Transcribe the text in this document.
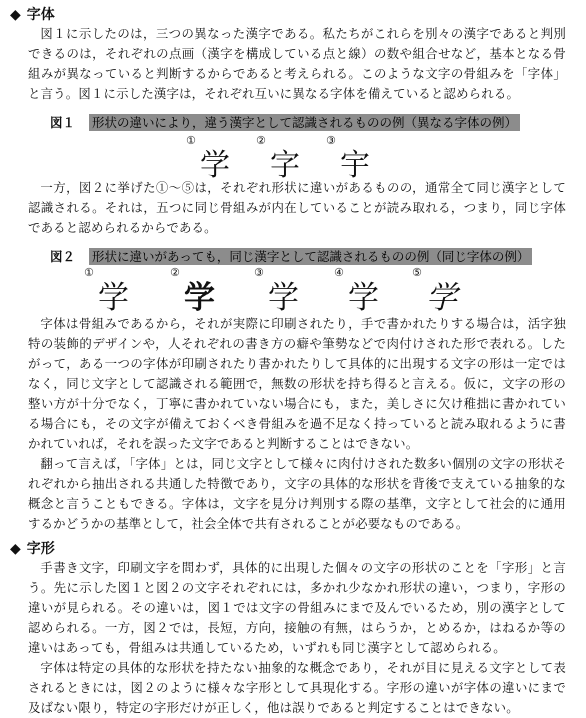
◆ 字体

図１に示したのは，三つの異なった漢字である。私たちがこれらを別々の漢字であると判別できるのは，それぞれの点画（漢字を構成している点と線）の数や組合せなど，基本となる骨組みが異なっていると判断するからであると考えられる。このような文字の骨組みを「字体」と言う。図１に示した漢字は，それぞれ互いに異なる字体を備えていると認められる。

図１ 形状の違いにより，違う漢字として認識されるものの例（異なる字体の例）
①
学
②
字
③
宇

一方，図２に挙げた①〜⑤は，それぞれ形状に違いがあるものの，通常全て同じ漢字として認識される。それは，五つに同じ骨組みが内在していることが読み取れる，つまり，同じ字体であると認められるからである。

図２ 形状に違いがあっても，同じ漢字として認識されるものの例（同じ字体の例）
①
学
②
学
③
学
④
学
⑤
学

字体は骨組みであるから，それが実際に印刷されたり，手で書かれたりする場合は，活字独特の装飾的デザインや，人それぞれの書き方の癖や筆勢などで肉付けされた形で表れる。したがって，ある一つの字体が印刷されたり書かれたりして具体的に出現する文字の形は一定ではなく，同じ文字として認識される範囲で，無数の形状を持ち得ると言える。仮に，文字の形の整い方が十分でなく，丁寧に書かれていない場合にも，また，美しさに欠け稚拙に書かれている場合にも，その文字が備えておくべき骨組みを過不足なく持っていると読み取れるように書かれていれば，それを誤った文字であると判断することはできない。

翻って言えば，「字体」とは，同じ文字として様々に肉付けされた数多い個別の文字の形状それぞれから抽出される共通した特徴であり，文字の具体的な形状を背後で支えている抽象的な概念と言うこともできる。字体は，文字を見分け判別する際の基準，文字として社会的に通用するかどうかの基準として，社会全体で共有されることが必要なものである。

◆ 字形

手書き文字，印刷文字を問わず，具体的に出現した個々の文字の形状のことを「字形」と言う。先に示した図１と図２の文字それぞれには，多かれ少なかれ形状の違い，つまり，字形の違いが見られる。その違いは，図１では文字の骨組みにまで及んでいるため，別の漢字として認められる。一方，図２では，長短，方向，接触の有無，はらうか，とめるか，はねるか等の違いはあっても，骨組みは共通しているため，いずれも同じ漢字として認められる。

字体は特定の具体的な形状を持たない抽象的な概念であり，それが目に見える文字として表されるときには，図２のように様々な字形として具現化する。字形の違いが字体の違いにまで及ばない限り，特定の字形だけが正しく，他は誤りであると判定することはできない。
